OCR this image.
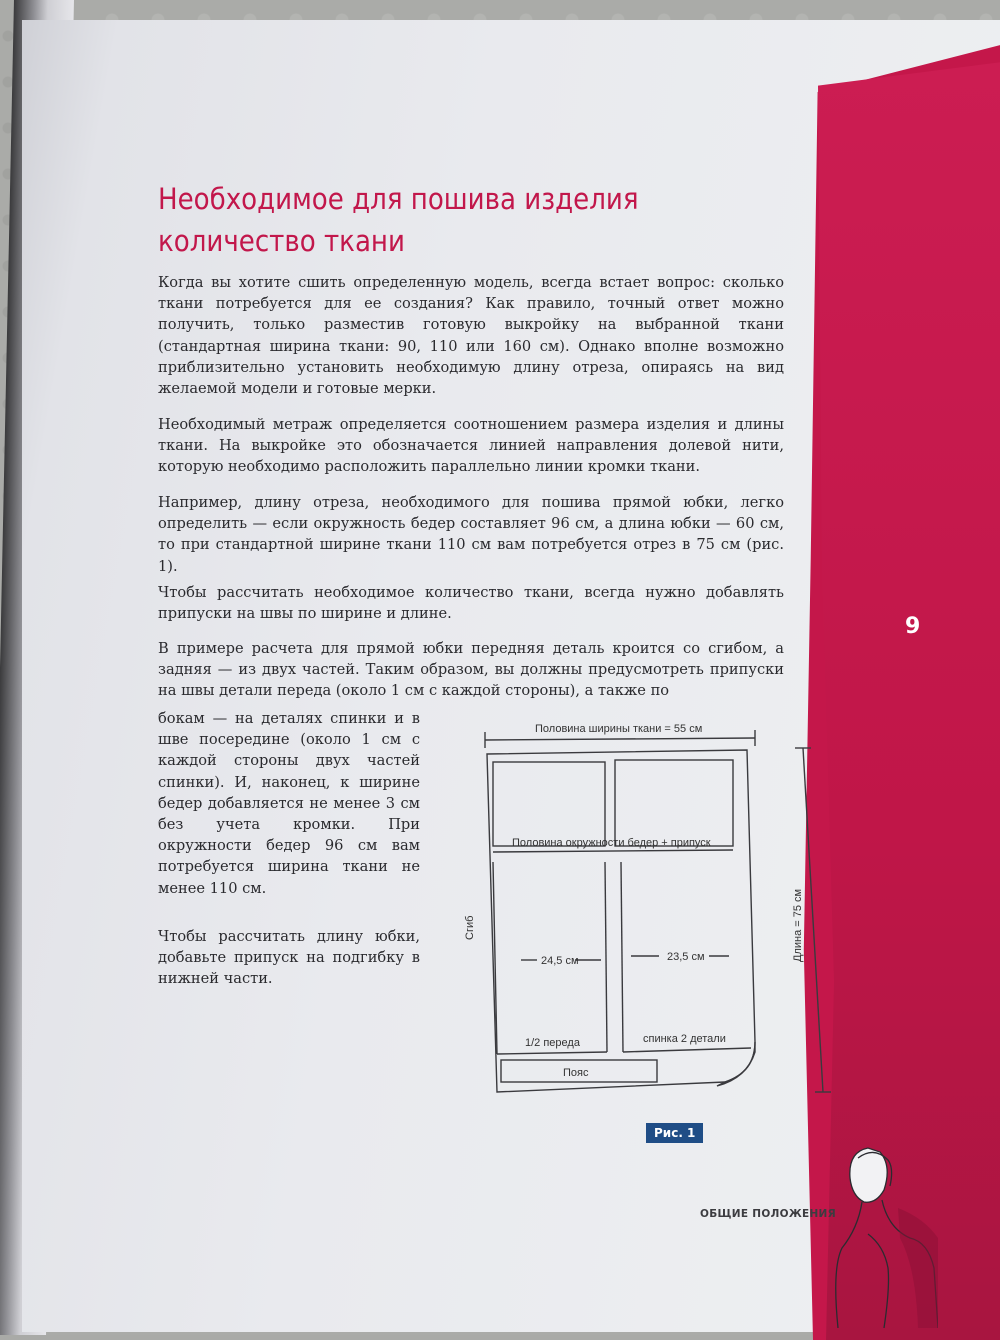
9
Необходимое для пошива изделия
количество ткани

Когда вы хотите сшить определенную модель, всегда встает вопрос: сколько ткани потребуется для ее создания? Как правило, точный ответ можно получить, только разместив готовую выкройку на выбранной ткани (стандартная ширина ткани: 90, 110 или 160 см). Однако вполне возможно приблизительно установить необходимую длину отреза, опираясь на вид желаемой модели и готовые мерки.

Необходимый метраж определяется соотношением размера изделия и длины ткани. На выкройке это обозначается линией направления долевой нити, которую необходимо расположить параллельно линии кромки ткани.

Например, длину отреза, необходимого для пошива прямой юбки, легко определить — если окружность бедер составляет 96 см, а длина юбки — 60 см, то при стандартной ширине ткани 110 см вам потребуется отрез в 75 см (рис. 1).

Чтобы рассчитать необходимое количество ткани, всегда нужно добавлять припуски на швы по ширине и длине.

В примере расчета для прямой юбки передняя деталь кроится со сгибом, а задняя — из двух частей. Таким образом, вы должны предусмотреть припуски на швы детали переда (около 1 см с каждой стороны), а также по

бокам — на деталях спинки и в шве посередине (около 1 см с каждой стороны двух частей спинки). И, наконец, к ширине бедер добавляется не менее 3 см без учета кромки. При окружности бедер 96 см вам потребуется ширина ткани не менее 110 см.

Чтобы рассчитать длину юбки, добавьте припуск на подгибку в нижней части.

Половина ширины ткани = 55 см
Половина окружности бедер + припуск
Сгиб	Длина = 75 см
24,5 см	23,5 см
1/2 переда	спинка 2 детали
Пояс
Рис. 1
ОБЩИЕ ПОЛОЖЕНИЯ
